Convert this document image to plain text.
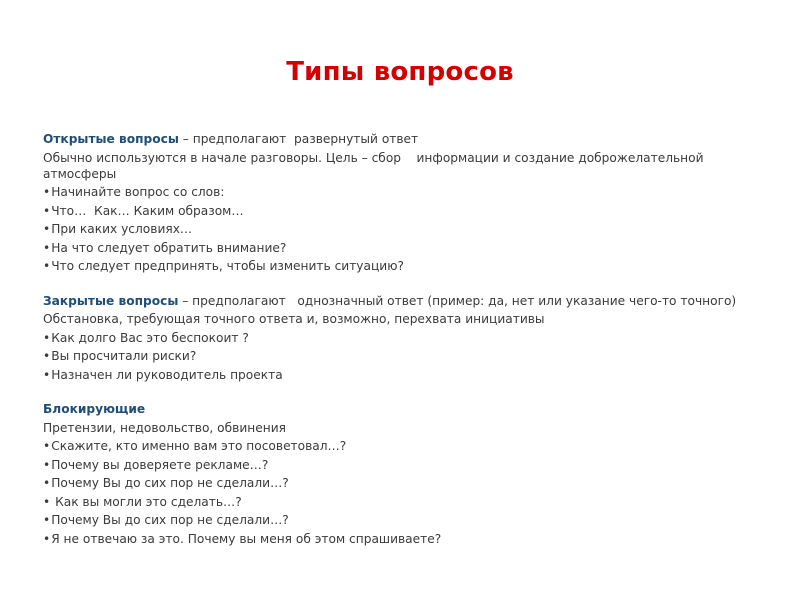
Типы вопросов
Открытые вопросы – предполагают  развернутый ответ
Обычно используются в начале разговоры. Цель – сбор    информации и создание доброжелательной атмосферы
• Начинайте вопрос со слов:
• Что…  Как… Каким образом…
• При каких условиях…
• На что следует обратить внимание?
• Что следует предпринять, чтобы изменить ситуацию?
Закрытые вопросы – предполагают   однозначный ответ (пример: да, нет или указание чего-то точного)
Обстановка, требующая точного ответа и, возможно, перехвата инициативы
• Как долго Вас это беспокоит ?
• Вы просчитали риски?
• Назначен ли руководитель проекта
Блокирующие
Претензии, недовольство, обвинения
• Скажите, кто именно вам это посоветовал…?
• Почему вы доверяете рекламе…?
• Почему Вы до сих пор не сделали…?
•  Как вы могли это сделать…?
• Почему Вы до сих пор не сделали…?
• Я не отвечаю за это. Почему вы меня об этом спрашиваете?
